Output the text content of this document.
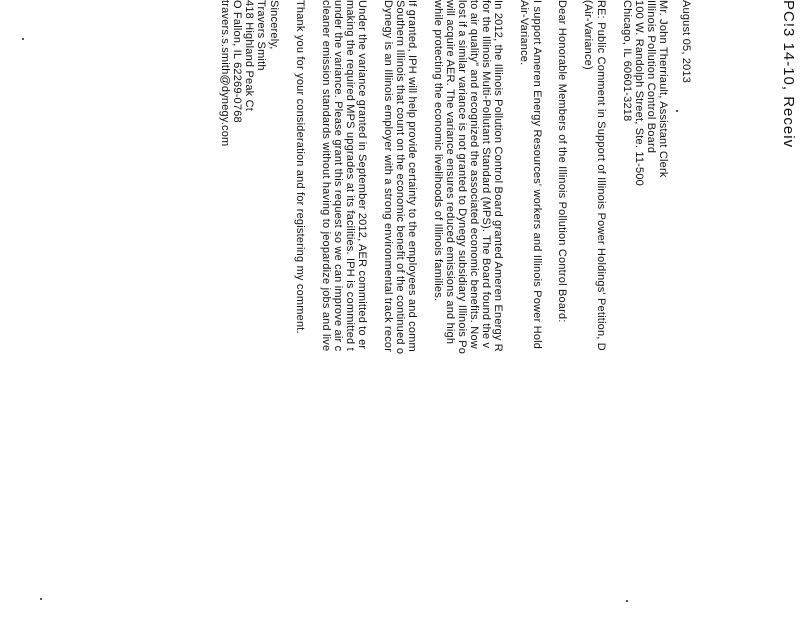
PC!3 14-10, Receiv
August 05, 2013
Mr. John Therriault, Assistant Clerk
Illinois Pollution Control Board
100 W. Randolph Street, Ste. 11-500
Chicago, IL 60601-3218
RE: Public Comment in Support of Illinois Power Holdings' Petition, D
(Air-Variance)
Dear Honorable Members of the Illinois Pollution Control Board:
I support Ameren Energy Resources' workers and Illinois Power Hold
Air-Variance.
In 2012, the Illinois Pollution Control Board granted Ameren Energy R
for the Illinois Multi-Pollutant Standard (MPS). The Board found the v
to air quality" and recognized the associated economic benefits. Now
lost if a similar variance is not granted to Dynegy subsidiary Illinois Po
will acquire AER. The variance ensures reduced emissions and high
while protecting the economic livelihoods of Illinois families.
If granted, IPH will help provide certainty to the employees and comm
Southern Illinois that count on the economic benefit of the continued o
Dynegy is an Illinois employer with a strong environmental track recor
Under the variance granted in September 2012, AER committed to er
making the required MPS upgrades at its facilities. IPH is committed t
under the variance. Please grant this request so we can improve air c
cleaner emission standards without having to jeopardize jobs and live
Thank you for your consideration and for registering my comment.
Sincerely,
Travers Smith
418 Highland Peak Ct
O Fallon, IL 62269-0768
travers.s.smith@dynegy.com
